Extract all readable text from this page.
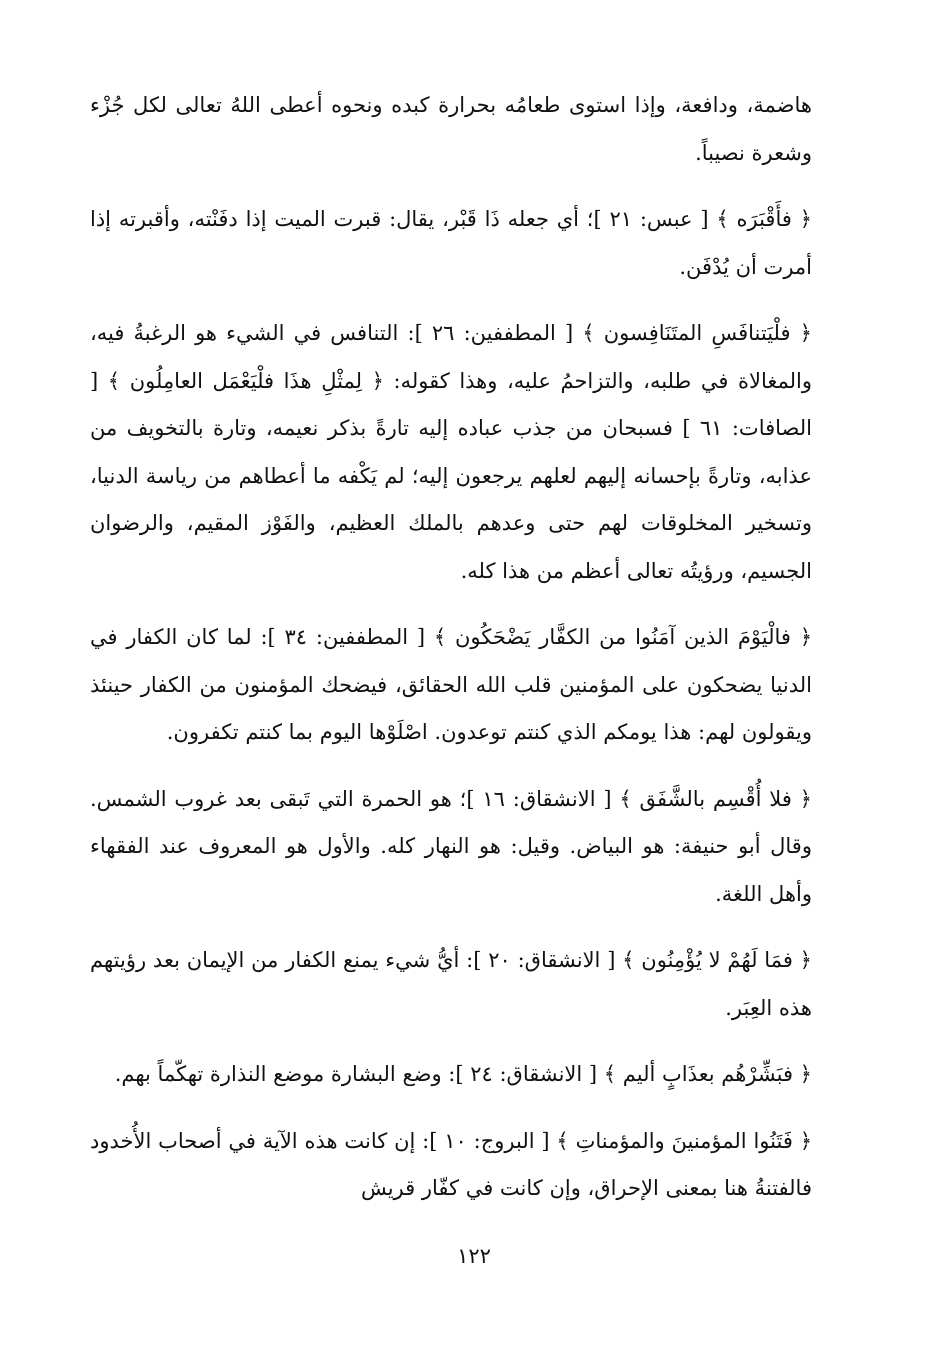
هاضمة، ودافعة، وإذا استوى طعامُه بحرارة كبده ونحوه أعطى اللهُ تعالى لكل جُزْء وشعرة نصيباً.

﴿ فأَقْبَرَه ﴾ [ عبس: ٢١ ]؛ أي جعله ذَا قَبْر، يقال: قبرت الميت إذا دفَنْته، وأقبرته إذا أمرت أن يُدْفَن.

﴿ فلْيَتنافَسِ المتَنَافِسون ﴾ [ المطففين: ٢٦ ]: التنافس في الشيء هو الرغبةُ فيه، والمغالاة في طلبه، والتزاحمُ عليه، وهذا كقوله: ﴿ لِمثْلِ هذَا فلْيَعْمَل العامِلُون ﴾ [ الصافات: ٦١ ] فسبحان من جذب عباده إليه تارةً بذكر نعيمه، وتارة بالتخويف من عذابه، وتارةً بإحسانه إليهم لعلهم يرجعون إليه؛ لم يَكْفه ما أعطاهم من رياسة الدنيا، وتسخير المخلوقات لهم حتى وعدهم بالملك العظيم، والفَوْز المقيم، والرضوان الجسيم، ورؤيتُه تعالى أعظم من هذا كله.

﴿ فالْيَوْمَ الذين آمَنُوا من الكفَّار يَضْحَكُون ﴾ [ المطففين: ٣٤ ]: لما كان الكفار في الدنيا يضحكون على المؤمنين قلب الله الحقائق، فيضحك المؤمنون من الكفار حينئذ ويقولون لهم: هذا يومكم الذي كنتم توعدون. اصْلَوْها اليوم بما كنتم تكفرون.

﴿ فلا أُقْسِم بالشَّفَق ﴾ [ الانشقاق: ١٦ ]؛ هو الحمرة التي تَبقى بعد غروب الشمس. وقال أبو حنيفة: هو البياض. وقيل: هو النهار كله. والأول هو المعروف عند الفقهاء وأهل اللغة.

﴿ فمَا لَهُمْ لا يُؤْمِنُون ﴾ [ الانشقاق: ٢٠ ]: أيُّ شيء يمنع الكفار من الإيمان بعد رؤيتهم هذه العِبَر.

﴿ فبَشِّرْهُم بعذَابٍ أليم ﴾ [ الانشقاق: ٢٤ ]: وضع البشارة موضع النذارة تهكّماً بهم.

﴿ فَتَنُوا المؤمنينَ والمؤمناتِ ﴾ [ البروج: ١٠ ]: إن كانت هذه الآية في أصحاب الأُخدود فالفتنةُ هنا بمعنى الإحراق، وإن كانت في كفّار قريش

١٢٢
